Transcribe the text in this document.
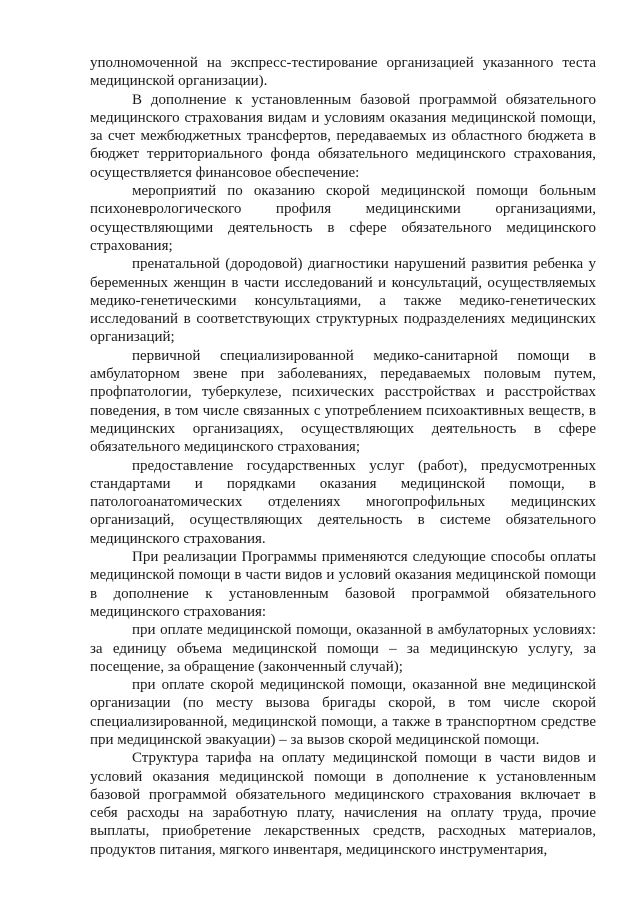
уполномоченной на экспресс-тестирование организацией указанного теста медицинской организации).

В дополнение к установленным базовой программой обязательного медицинского страхования видам и условиям оказания медицинской помощи, за счет межбюджетных трансфертов, передаваемых из областного бюджета в бюджет территориального фонда обязательного медицинского страхования, осуществляется финансовое обеспечение:

мероприятий по оказанию скорой медицинской помощи больным психоневрологического профиля медицинскими организациями, осуществляющими деятельность в сфере обязательного медицинского страхования;

пренатальной (дородовой) диагностики нарушений развития ребенка у беременных женщин в части исследований и консультаций, осуществляемых медико-генетическими консультациями, а также медико-генетических исследований в соответствующих структурных подразделениях медицинских организаций;

первичной специализированной медико-санитарной помощи в амбулаторном звене при заболеваниях, передаваемых половым путем, профпатологии, туберкулезе, психических расстройствах и расстройствах поведения, в том числе связанных с употреблением психоактивных веществ, в медицинских организациях, осуществляющих деятельность в сфере обязательного медицинского страхования;

предоставление государственных услуг (работ), предусмотренных стандартами и порядками оказания медицинской помощи, в патологоанатомических отделениях многопрофильных медицинских организаций, осуществляющих деятельность в системе обязательного медицинского страхования.

При реализации Программы применяются следующие способы оплаты медицинской помощи в части видов и условий оказания медицинской помощи в дополнение к установленным базовой программой обязательного медицинского страхования:

при оплате медицинской помощи, оказанной в амбулаторных условиях: за единицу объема медицинской помощи – за медицинскую услугу, за посещение, за обращение (законченный случай);

при оплате скорой медицинской помощи, оказанной вне медицинской организации (по месту вызова бригады скорой, в том числе скорой специализированной, медицинской помощи, а также в транспортном средстве при медицинской эвакуации) – за вызов скорой медицинской помощи.

Структура тарифа на оплату медицинской помощи в части видов и условий оказания медицинской помощи в дополнение к установленным базовой программой обязательного медицинского страхования включает в себя расходы на заработную плату, начисления на оплату труда, прочие выплаты, приобретение лекарственных средств, расходных материалов, продуктов питания, мягкого инвентаря, медицинского инструментария,
